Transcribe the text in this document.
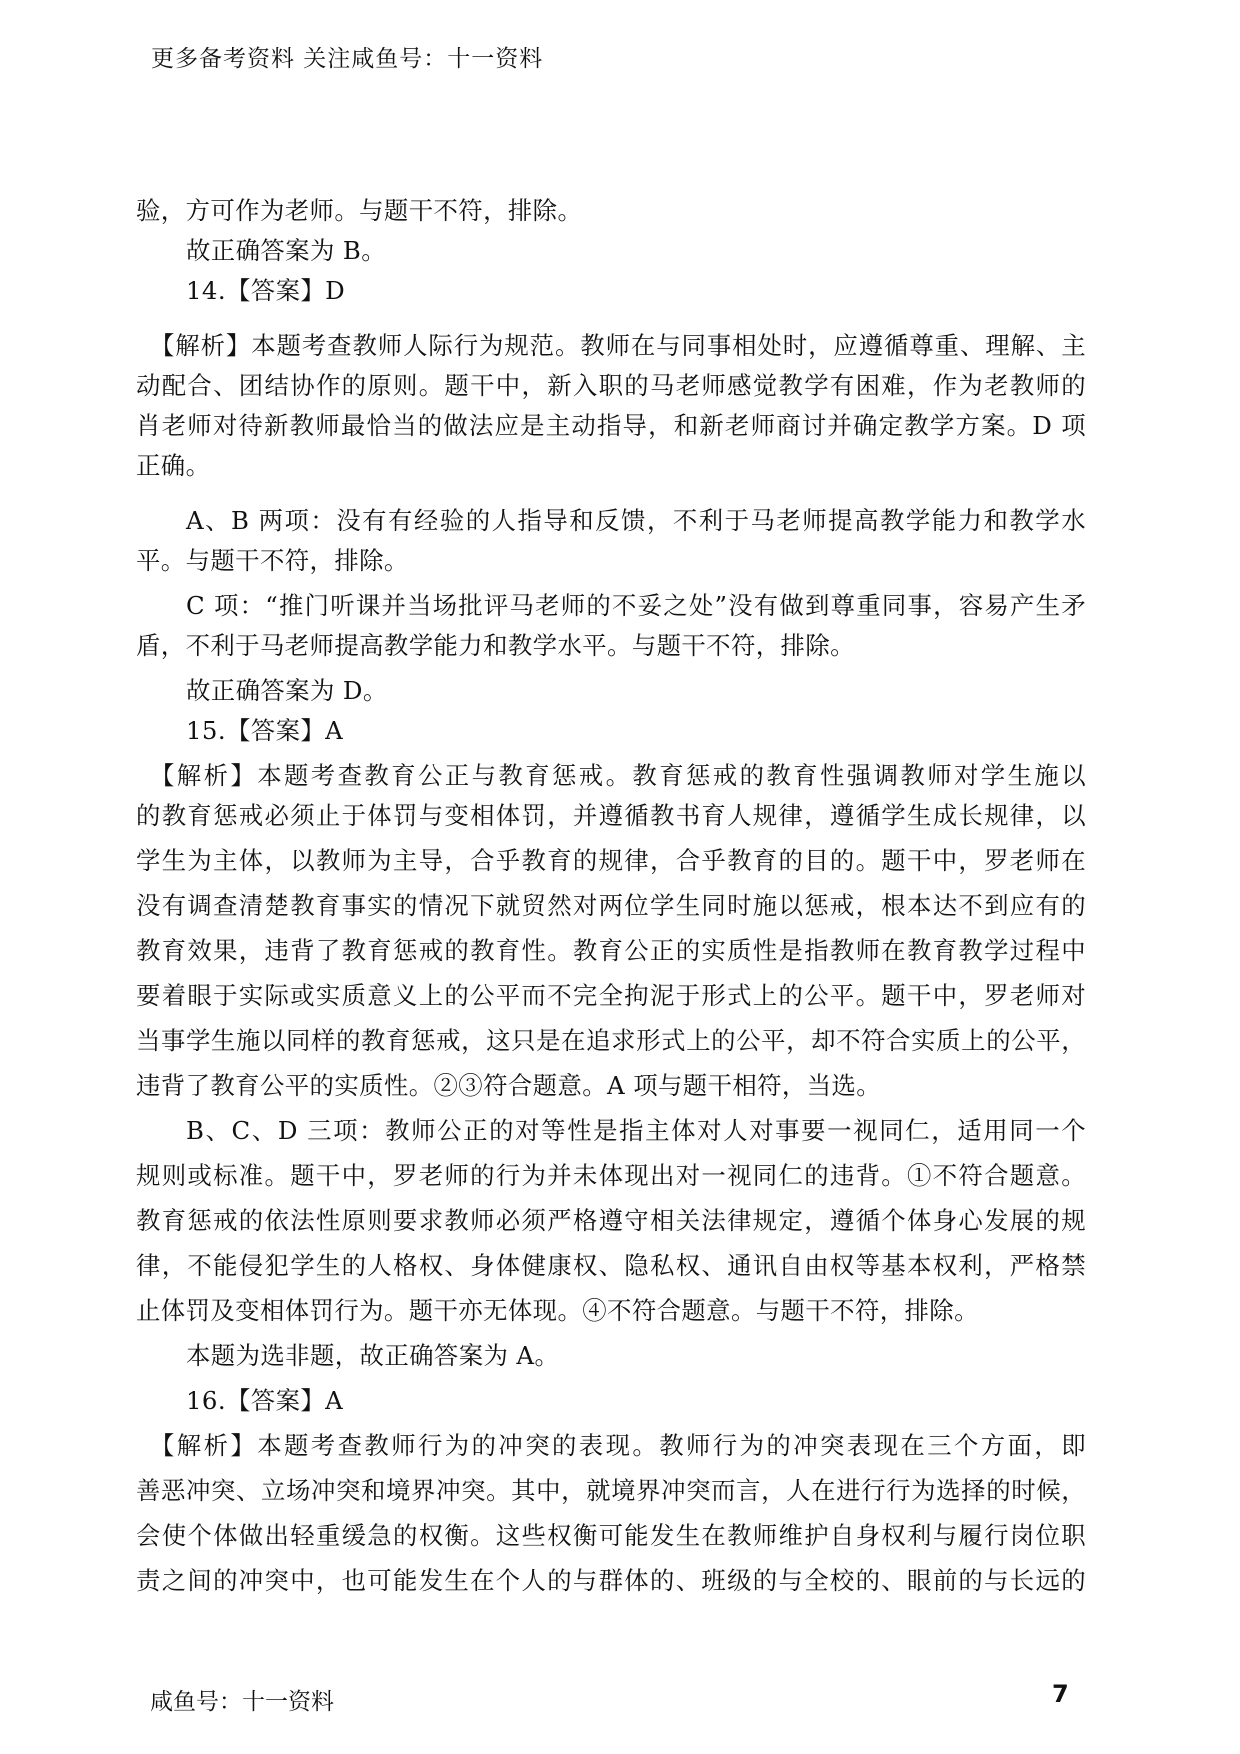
更多备考资料 关注咸鱼号：十一资料
验，方可作为老师。与题干不符，排除。
故正确答案为 B。
14.【答案】D
【解析】本题考查教师人际行为规范。教师在与同事相处时，应遵循尊重、理解、主
动配合、团结协作的原则。题干中，新入职的马老师感觉教学有困难，作为老教师的
肖老师对待新教师最恰当的做法应是主动指导，和新老师商讨并确定教学方案。D 项
正确。
A、B 两项：没有有经验的人指导和反馈，不利于马老师提高教学能力和教学水
平。与题干不符，排除。
C 项：“推门听课并当场批评马老师的不妥之处”没有做到尊重同事，容易产生矛
盾，不利于马老师提高教学能力和教学水平。与题干不符，排除。
故正确答案为 D。
15.【答案】A
【解析】本题考查教育公正与教育惩戒。教育惩戒的教育性强调教师对学生施以
的教育惩戒必须止于体罚与变相体罚，并遵循教书育人规律，遵循学生成长规律，以
学生为主体，以教师为主导，合乎教育的规律，合乎教育的目的。题干中，罗老师在
没有调查清楚教育事实的情况下就贸然对两位学生同时施以惩戒，根本达不到应有的
教育效果，违背了教育惩戒的教育性。教育公正的实质性是指教师在教育教学过程中
要着眼于实际或实质意义上的公平而不完全拘泥于形式上的公平。题干中，罗老师对
当事学生施以同样的教育惩戒，这只是在追求形式上的公平，却不符合实质上的公平，
违背了教育公平的实质性。②③符合题意。A 项与题干相符，当选。
B、C、D 三项：教师公正的对等性是指主体对人对事要一视同仁，适用同一个
规则或标准。题干中，罗老师的行为并未体现出对一视同仁的违背。①不符合题意。
教育惩戒的依法性原则要求教师必须严格遵守相关法律规定，遵循个体身心发展的规
律，不能侵犯学生的人格权、身体健康权、隐私权、通讯自由权等基本权利，严格禁
止体罚及变相体罚行为。题干亦无体现。④不符合题意。与题干不符，排除。
本题为选非题，故正确答案为 A。
16.【答案】A
【解析】本题考查教师行为的冲突的表现。教师行为的冲突表现在三个方面，即
善恶冲突、立场冲突和境界冲突。其中，就境界冲突而言，人在进行行为选择的时候，
会使个体做出轻重缓急的权衡。这些权衡可能发生在教师维护自身权利与履行岗位职
责之间的冲突中，也可能发生在个人的与群体的、班级的与全校的、眼前的与长远的
咸鱼号：十一资料	7
